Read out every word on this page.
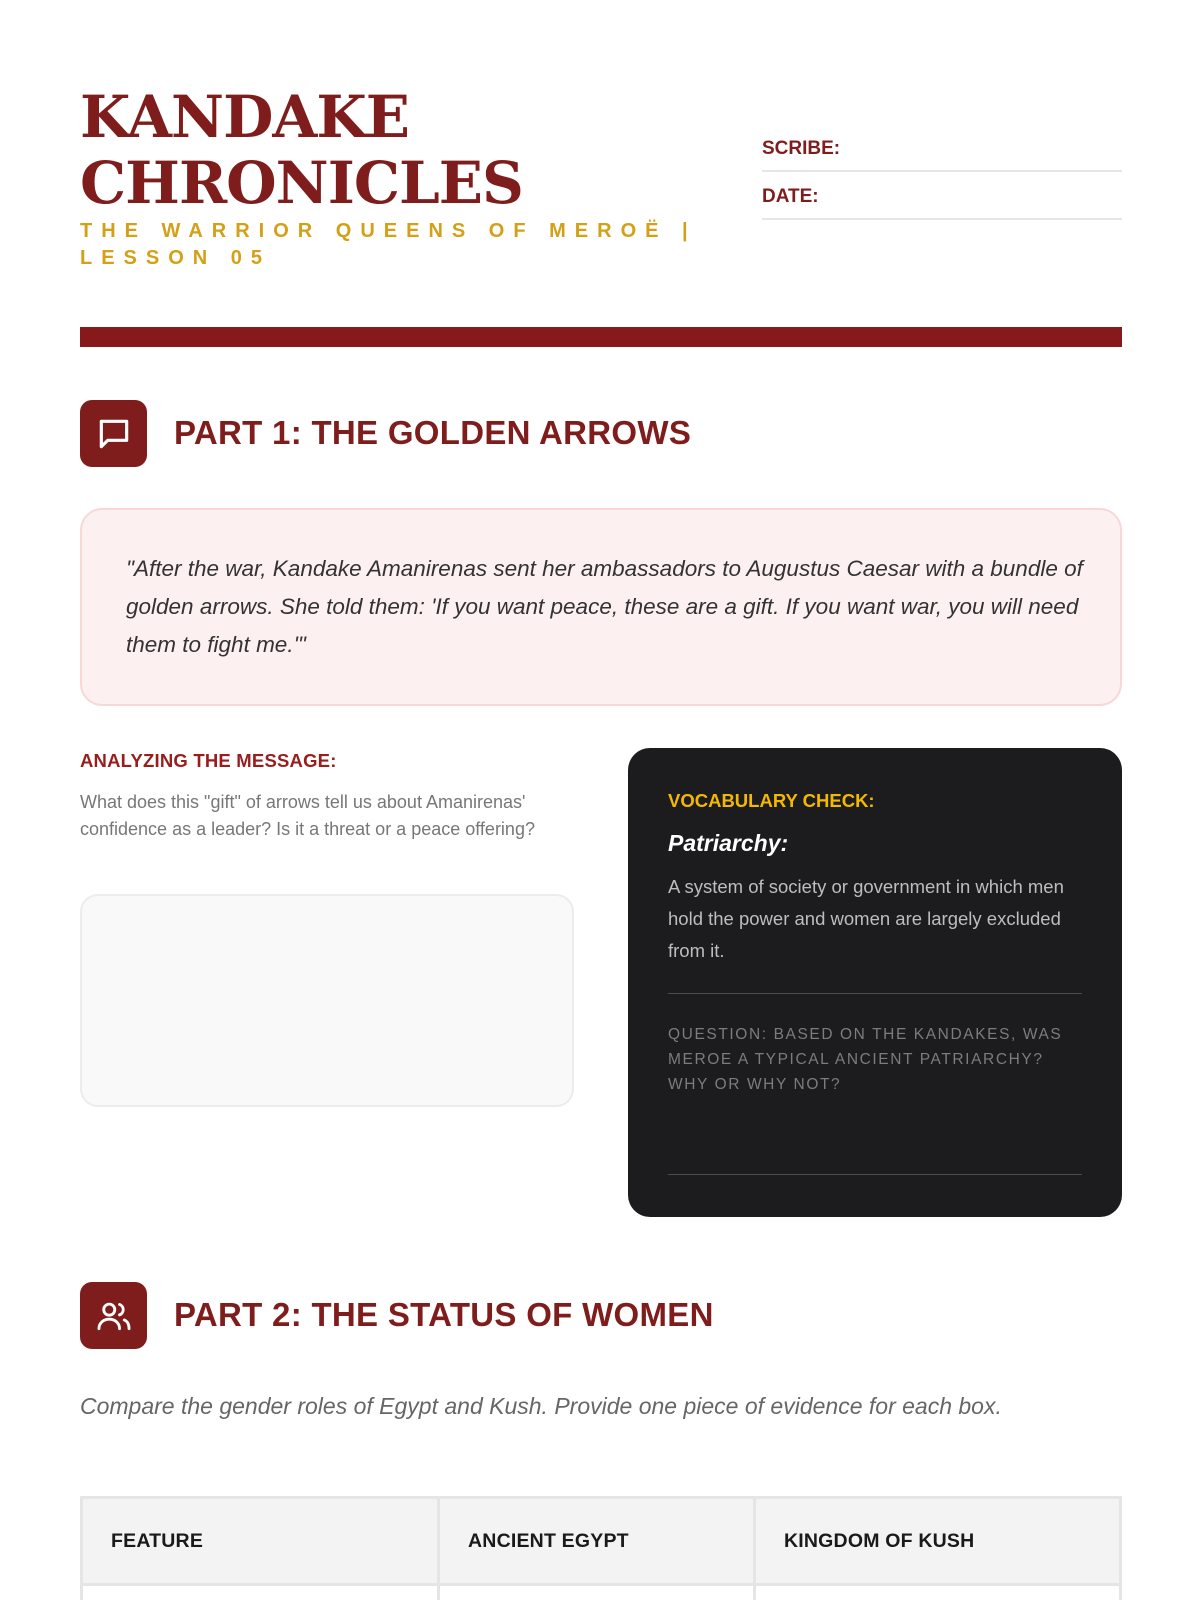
KANDAKE
CHRONICLES
THE WARRIOR QUEENS OF MEROË |
LESSON 05
SCRIBE:
DATE:
PART 1: THE GOLDEN ARROWS
"After the war, Kandake Amanirenas sent her ambassadors to Augustus Caesar with a bundle of golden arrows. She told them: 'If you want peace, these are a gift. If you want war, you will need them to fight me.'"
ANALYZING THE MESSAGE:
What does this "gift" of arrows tell us about Amanirenas' confidence as a leader? Is it a threat or a peace offering?
VOCABULARY CHECK:
Patriarchy:
A system of society or government in which men hold the power and women are largely excluded from it.
QUESTION: BASED ON THE KANDAKES, WAS MEROE A TYPICAL ANCIENT PATRIARCHY? WHY OR WHY NOT?
PART 2: THE STATUS OF WOMEN
Compare the gender roles of Egypt and Kush. Provide one piece of evidence for each box.
FEATURE	ANCIENT EGYPT	KINGDOM OF KUSH
